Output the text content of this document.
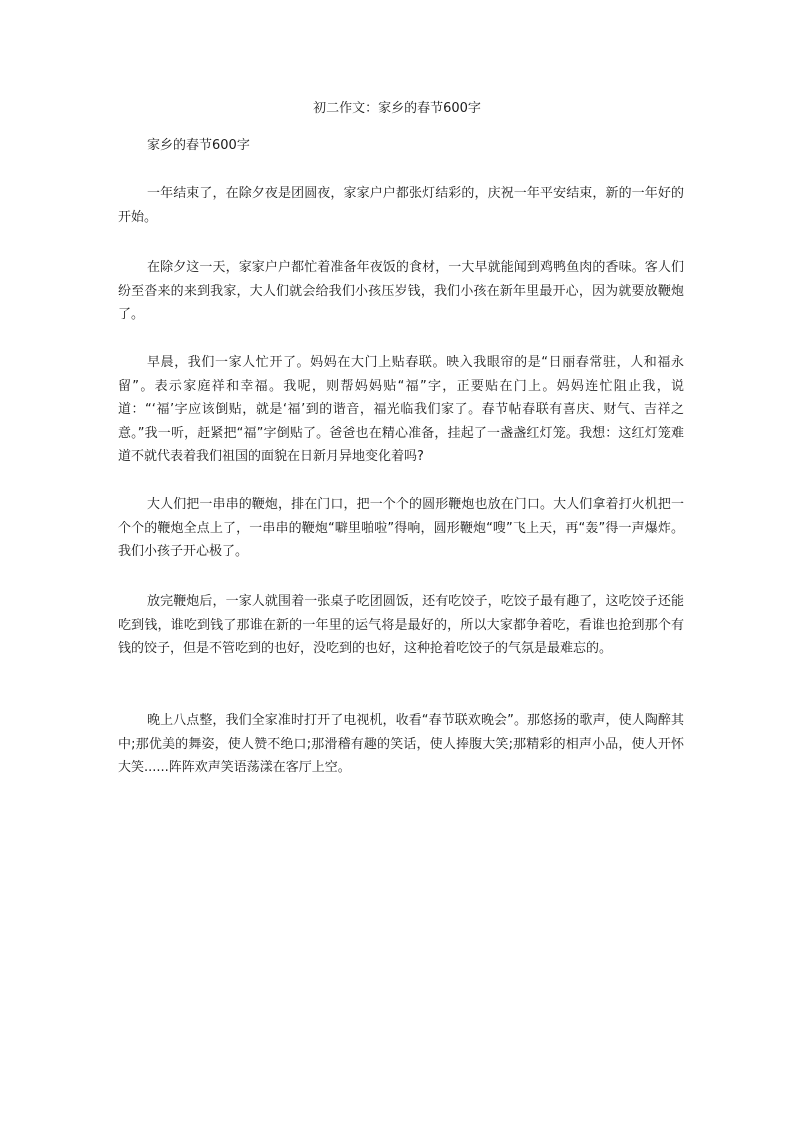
初二作文：家乡的春节600字

家乡的春节600字

一年结束了，在除夕夜是团圆夜，家家户户都张灯结彩的，庆祝一年平安结束，新的一年好的开始。

在除夕这一天，家家户户都忙着准备年夜饭的食材，一大早就能闻到鸡鸭鱼肉的香味。客人们纷至沓来的来到我家，大人们就会给我们小孩压岁钱，我们小孩在新年里最开心，因为就要放鞭炮了。

早晨，我们一家人忙开了。妈妈在大门上贴春联。映入我眼帘的是“日丽春常驻，人和福永留”。表示家庭祥和幸福。我呢，则帮妈妈贴“福”字，正要贴在门上。妈妈连忙阻止我，说道：“‘福’字应该倒贴，就是‘福’到的谐音，福光临我们家了。春节帖春联有喜庆、财气、吉祥之意。”我一听，赶紧把“福”字倒贴了。爸爸也在精心准备，挂起了一盏盏红灯笼。我想：这红灯笼难道不就代表着我们祖国的面貌在日新月异地变化着吗?

大人们把一串串的鞭炮，排在门口，把一个个的圆形鞭炮也放在门口。大人们拿着打火机把一个个的鞭炮全点上了，一串串的鞭炮“噼里啪啦”得响，圆形鞭炮“嗖”飞上天，再“轰”得一声爆炸。我们小孩子开心极了。

放完鞭炮后，一家人就围着一张桌子吃团圆饭，还有吃饺子，吃饺子最有趣了，这吃饺子还能吃到钱，谁吃到钱了那谁在新的一年里的运气将是最好的，所以大家都争着吃，看谁也抢到那个有钱的饺子，但是不管吃到的也好，没吃到的也好，这种抢着吃饺子的气氛是最难忘的。

晚上八点整，我们全家准时打开了电视机，收看“春节联欢晚会”。那悠扬的歌声，使人陶醉其中;那优美的舞姿，使人赞不绝口;那滑稽有趣的笑话，使人捧腹大笑;那精彩的相声小品，使人开怀大笑......阵阵欢声笑语荡漾在客厅上空。
